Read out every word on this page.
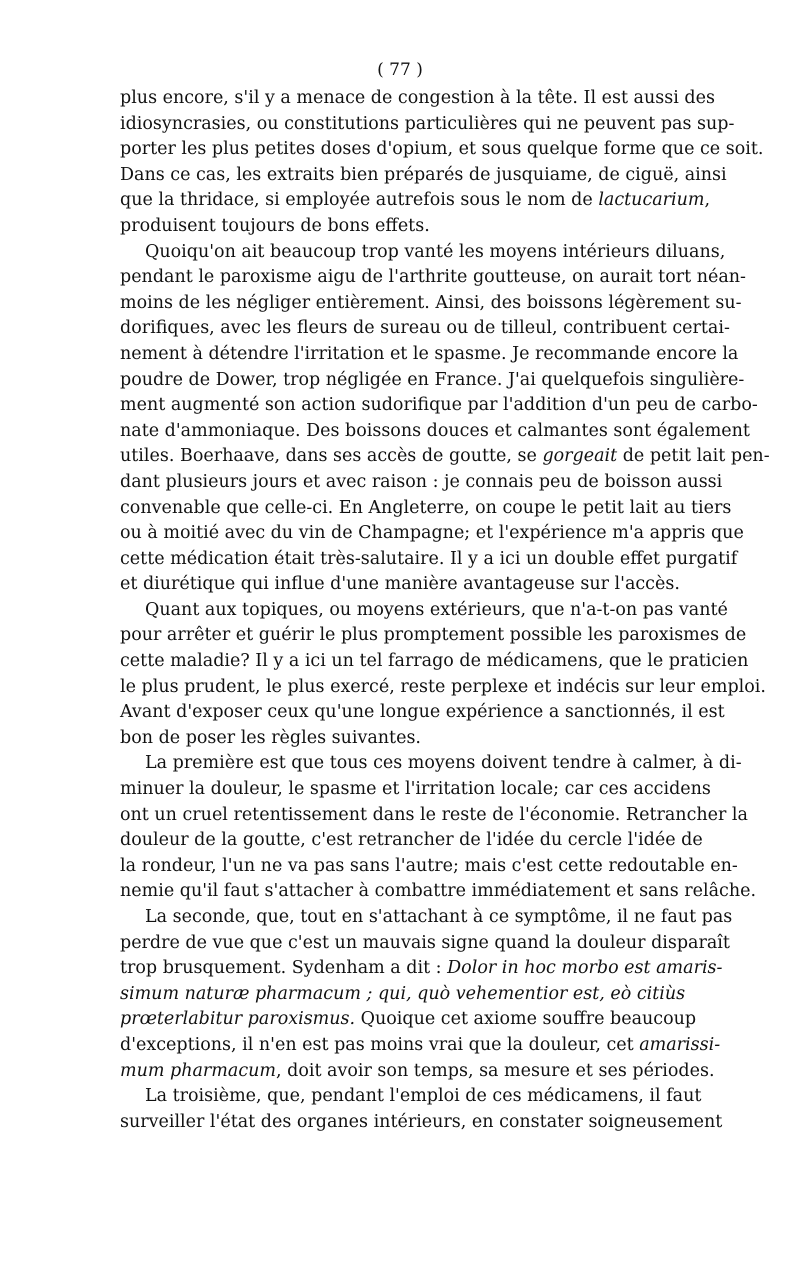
( 77 )
plus encore, s'il y a menace de congestion à la tête. Il est aussi des
idiosyncrasies, ou constitutions particulières qui ne peuvent pas sup-
porter les plus petites doses d'opium, et sous quelque forme que ce soit.
Dans ce cas, les extraits bien préparés de jusquiame, de ciguë, ainsi
que la thridace, si employée autrefois sous le nom de lactucarium,
produisent toujours de bons effets.
Quoiqu'on ait beaucoup trop vanté les moyens intérieurs diluans,
pendant le paroxisme aigu de l'arthrite goutteuse, on aurait tort néan-
moins de les négliger entièrement. Ainsi, des boissons légèrement su-
dorifiques, avec les fleurs de sureau ou de tilleul, contribuent certai-
nement à détendre l'irritation et le spasme. Je recommande encore la
poudre de Dower, trop négligée en France. J'ai quelquefois singulière-
ment augmenté son action sudorifique par l'addition d'un peu de carbo-
nate d'ammoniaque. Des boissons douces et calmantes sont également
utiles. Boerhaave, dans ses accès de goutte, se gorgeait de petit lait pen-
dant plusieurs jours et avec raison : je connais peu de boisson aussi
convenable que celle-ci. En Angleterre, on coupe le petit lait au tiers
ou à moitié avec du vin de Champagne; et l'expérience m'a appris que
cette médication était très-salutaire. Il y a ici un double effet purgatif
et diurétique qui influe d'une manière avantageuse sur l'accès.
Quant aux topiques, ou moyens extérieurs, que n'a-t-on pas vanté
pour arrêter et guérir le plus promptement possible les paroxismes de
cette maladie? Il y a ici un tel farrago de médicamens, que le praticien
le plus prudent, le plus exercé, reste perplexe et indécis sur leur emploi.
Avant d'exposer ceux qu'une longue expérience a sanctionnés, il est
bon de poser les règles suivantes.
La première est que tous ces moyens doivent tendre à calmer, à di-
minuer la douleur, le spasme et l'irritation locale; car ces accidens
ont un cruel retentissement dans le reste de l'économie. Retrancher la
douleur de la goutte, c'est retrancher de l'idée du cercle l'idée de
la rondeur, l'un ne va pas sans l'autre; mais c'est cette redoutable en-
nemie qu'il faut s'attacher à combattre immédiatement et sans relâche.
La seconde, que, tout en s'attachant à ce symptôme, il ne faut pas
perdre de vue que c'est un mauvais signe quand la douleur disparaît
trop brusquement. Sydenham a dit : Dolor in hoc morbo est amaris-
simum naturæ pharmacum ; qui, quò vehementior est, eò citiùs
prœterlabitur paroxismus. Quoique cet axiome souffre beaucoup
d'exceptions, il n'en est pas moins vrai que la douleur, cet amarissi-
mum pharmacum, doit avoir son temps, sa mesure et ses périodes.
La troisième, que, pendant l'emploi de ces médicamens, il faut
surveiller l'état des organes intérieurs, en constater soigneusement
